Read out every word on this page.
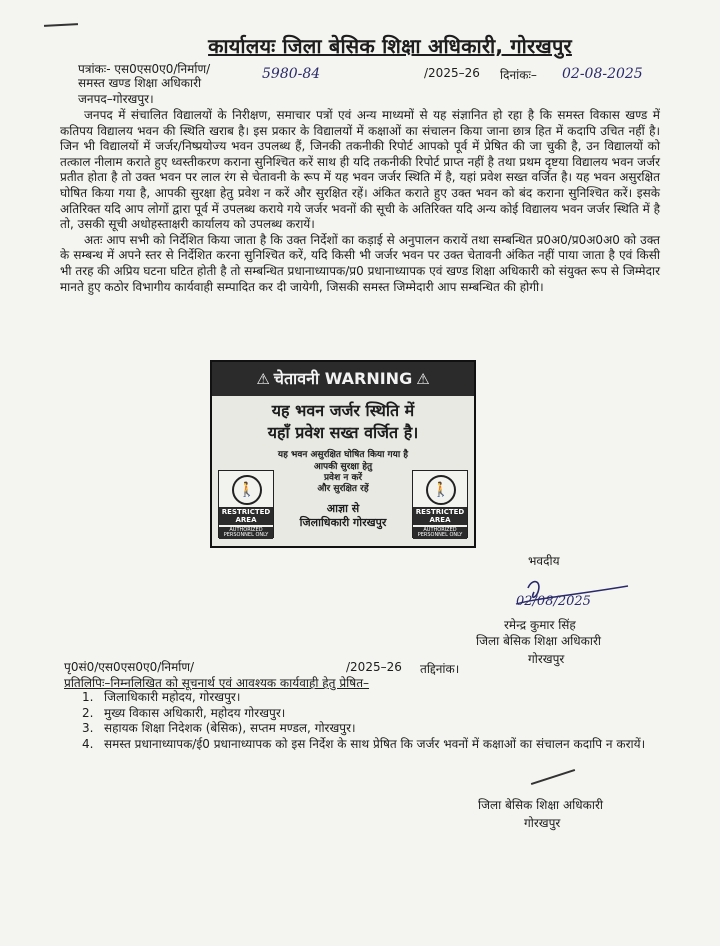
कार्यालयः जिला बेसिक शिक्षा अधिकारी, गोरखपुर
पत्रांकः- एस0एस0ए0/निर्माण/	5980-84	/2025–26 दिनांकः– 02-08-2025
समस्त खण्ड शिक्षा अधिकारी
जनपद–गोरखपुर।

जनपद में संचालित विद्यालयों के निरीक्षण, समाचार पत्रों एवं अन्य माध्यमों से यह संज्ञानित हो रहा है कि समस्त विकास खण्ड में कतिपय विद्यालय भवन की स्थिति खराब है। इस प्रकार के विद्यालयों में कक्षाओं का संचालन किया जाना छात्र हित में कदापि उचित नहीं है। जिन भी विद्यालयों में जर्जर/निष्प्रयोज्य भवन उपलब्ध हैं, जिनकी तकनीकी रिपोर्ट आपको पूर्व में प्रेषित की जा चुकी है, उन विद्यालयों को तत्काल नीलाम कराते हुए ध्वस्तीकरण कराना सुनिश्चित करें साथ ही यदि तकनीकी रिपोर्ट प्राप्त नहीं है तथा प्रथम दृष्टया विद्यालय भवन जर्जर प्रतीत होता है तो उक्त भवन पर लाल रंग से चेतावनी के रूप में यह भवन जर्जर स्थिति में है, यहां प्रवेश सख्त वर्जित है। यह भवन असुरक्षित घोषित किया गया है, आपकी सुरक्षा हेतु प्रवेश न करें और सुरक्षित रहें। अंकित कराते हुए उक्त भवन को बंद कराना सुनिश्चित करें। इसके अतिरिक्त यदि आप लोगों द्वारा पूर्व में उपलब्ध कराये गये जर्जर भवनों की सूची के अतिरिक्त यदि अन्य कोई विद्यालय भवन जर्जर स्थिति में है तो, उसकी सूची अधोहस्ताक्षरी कार्यालय को उपलब्ध करायें।

अतः आप सभी को निर्देशित किया जाता है कि उक्त निर्देशों का कड़ाई से अनुपालन करायें तथा सम्बन्धित प्र0अ0/प्र0अ0अ0 को उक्त के सम्बन्ध में अपने स्तर से निर्देशित करना सुनिश्चित करें, यदि किसी भी जर्जर भवन पर उक्त चेतावनी अंकित नहीं पाया जाता है एवं किसी भी तरह की अप्रिय घटना घटित होती है तो सम्बन्धित प्रधानाध्यापक/प्र0 प्रधानाध्यापक एवं खण्ड शिक्षा अधिकारी को संयुक्त रूप से जिम्मेदार मानते हुए कठोर विभागीय कार्यवाही सम्पादित कर दी जायेगी, जिसकी समस्त जिम्मेदारी आप सम्बन्धित की होगी।

⚠ चेतावनी WARNING ⚠
यह भवन जर्जर स्थिति में
यहाँ प्रवेश सख्त वर्जित है।
यह भवन असुरक्षित घोषित किया गया है
आपकी सुरक्षा हेतु
प्रवेश न करें
और सुरक्षित रहें
आज्ञा से
जिलाधिकारी गोरखपुर
🚶
RESTRICTED AREA
AUTHORIZED PERSONNEL ONLY
🚶
RESTRICTED AREA
AUTHORIZED PERSONNEL ONLY
भवदीय
02/08/2025
रमेन्द्र कुमार सिंह
जिला बेसिक शिक्षा अधिकारी
गोरखपुर
पृ0सं0/एस0एस0ए0/निर्माण/	/2025–26 तद्दिनांक।
प्रतिलिपिः–निम्नलिखित को सूचनार्थ एवं आवश्यक कार्यवाही हेतु प्रेषित–
1. जिलाधिकारी महोदय, गोरखपुर।
2. मुख्य विकास अधिकारी, महोदय गोरखपुर।
3. सहायक शिक्षा निदेशक (बेसिक), सप्तम मण्डल, गोरखपुर।
4. समस्त प्रधानाध्यापक/ई0 प्रधानाध्यापक को इस निर्देश के साथ प्रेषित कि जर्जर भवनों में कक्षाओं का संचालन कदापि न करायें।
जिला बेसिक शिक्षा अधिकारी
गोरखपुर
